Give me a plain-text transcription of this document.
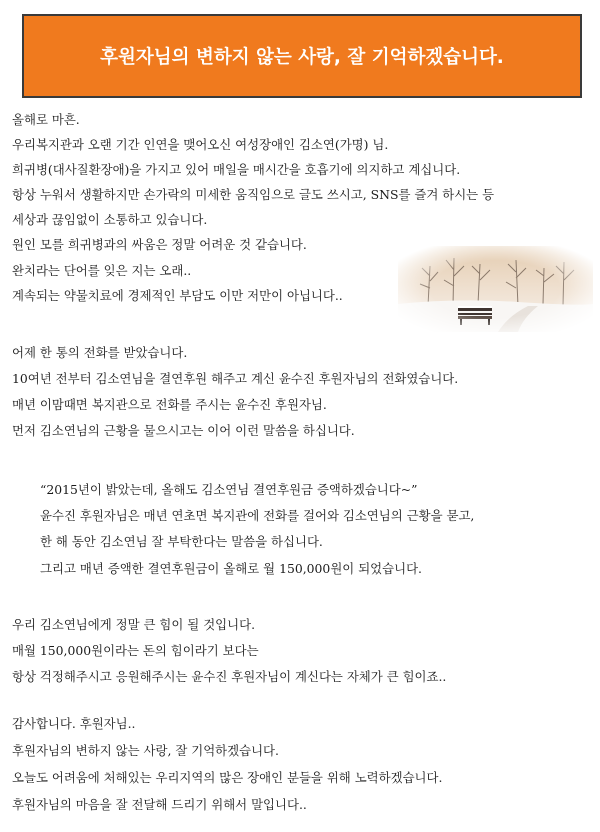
후원자님의 변하지 않는 사랑, 잘 기억하겠습니다.
올해로 마흔.
우리복지관과 오랜 기간 인연을 맺어오신 여성장애인 김소연(가명) 님.
희귀병(대사질환장애)을 가지고 있어 매일을 매시간을 호흡기에 의지하고 계십니다.
항상 누워서 생활하지만 손가락의 미세한 움직임으로 글도 쓰시고, SNS를 즐겨 하시는 등
세상과 끊임없이 소통하고 있습니다.
원인 모를 희귀병과의 싸움은 정말 어려운 것 같습니다.
완치라는 단어를 잊은 지는 오래..
계속되는 약물치료에 경제적인 부담도 이만 저만이 아닙니다..
어제 한 통의 전화를 받았습니다.
10여년 전부터 김소연님을 결연후원 해주고 계신 윤수진 후원자님의 전화였습니다.
매년 이맘때면 복지관으로 전화를 주시는 윤수진 후원자님.
먼저 김소연님의 근황을 물으시고는 이어 이런 말씀을 하십니다.
“2015년이 밝았는데, 올해도 김소연님 결연후원금 증액하겠습니다~”
윤수진 후원자님은 매년 연초면 복지관에 전화를 걸어와 김소연님의 근황을 묻고,
한 해 동안 김소연님 잘 부탁한다는 말씀을 하십니다.
그리고 매년 증액한 결연후원금이 올해로 월 150,000원이 되었습니다.
우리 김소연님에게 정말 큰 힘이 될 것입니다.
매월 150,000원이라는 돈의 힘이라기 보다는
항상 걱정해주시고 응원해주시는 윤수진 후원자님이 계신다는 자체가 큰 힘이죠..
감사합니다. 후원자님..
후원자님의 변하지 않는 사랑, 잘 기억하겠습니다.
오늘도 어려움에 처해있는 우리지역의 많은 장애인 분들을 위해 노력하겠습니다.
후원자님의 마음을 잘 전달해 드리기 위해서 말입니다..
